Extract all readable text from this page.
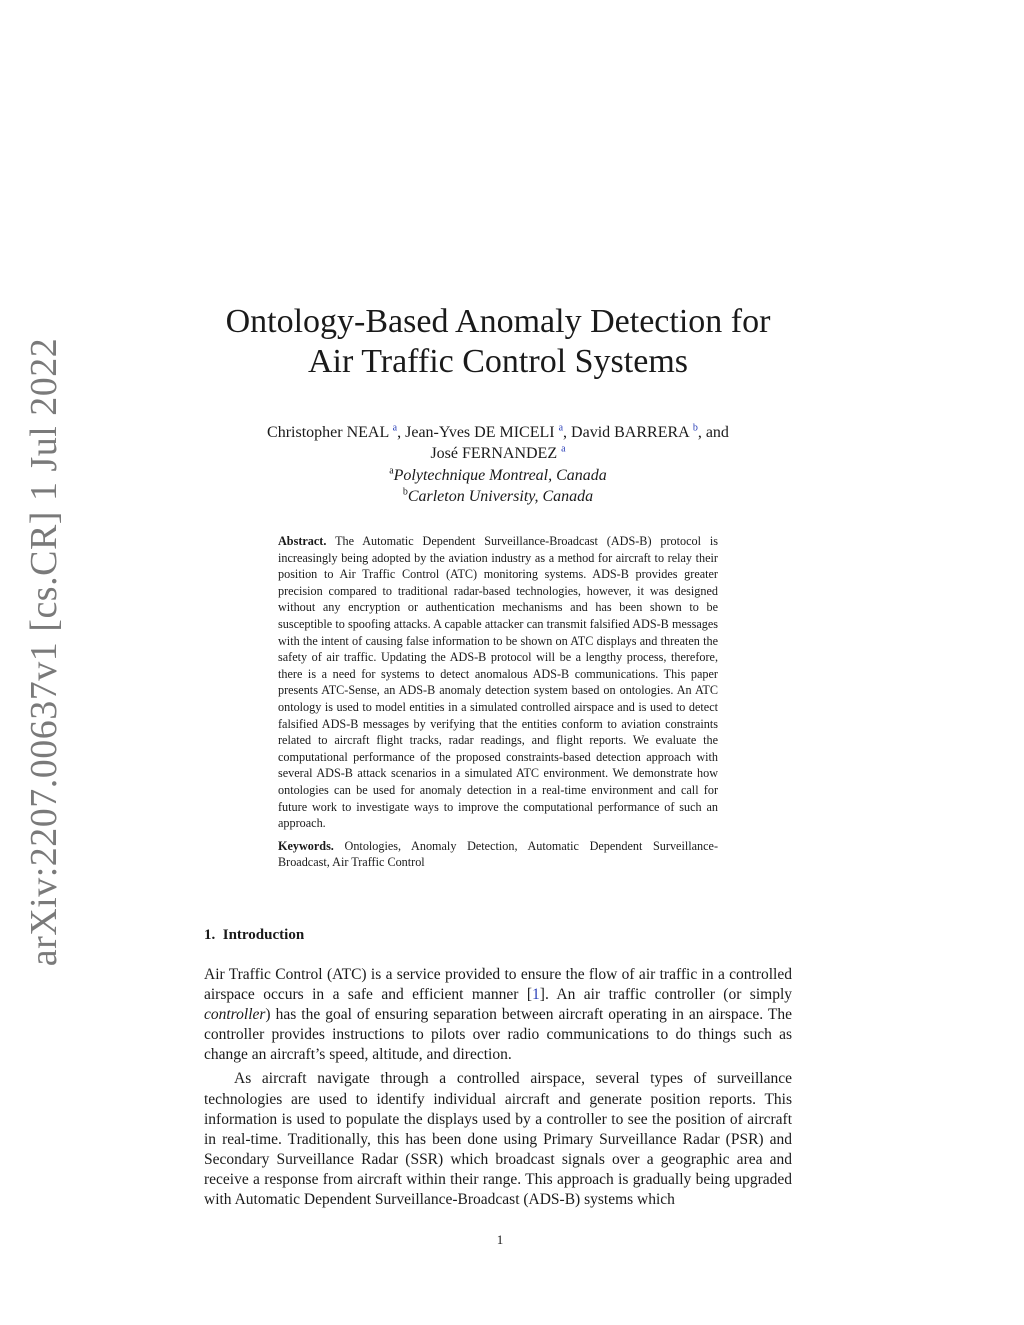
arXiv:2207.00637v1 [cs.CR] 1 Jul 2022
Ontology-Based Anomaly Detection for
Air Traffic Control Systems
Christopher NEAL $^a$, Jean-Yves DE MICELI $^a$, David BARRERA $^b$, and
José FERNANDEZ $^a$
$^a$Polytechnique Montreal, Canada
$^b$Carleton University, Canada

Abstract. The Automatic Dependent Surveillance-Broadcast (ADS-B) protocol is increasingly being adopted by the aviation industry as a method for aircraft to relay their position to Air Traffic Control (ATC) monitoring systems. ADS-B provides greater precision compared to traditional radar-based technologies, however, it was designed without any encryption or authentication mechanisms and has been shown to be susceptible to spoofing attacks. A capable attacker can transmit falsified ADS-B messages with the intent of causing false information to be shown on ATC displays and threaten the safety of air traffic. Updating the ADS-B protocol will be a lengthy process, therefore, there is a need for systems to detect anomalous ADS-B communications. This paper presents ATC-Sense, an ADS-B anomaly detection system based on ontologies. An ATC ontology is used to model entities in a simulated controlled airspace and is used to detect falsified ADS-B messages by verifying that the entities conform to aviation constraints related to aircraft flight tracks, radar readings, and flight reports. We evaluate the computational performance of the proposed constraints-based detection approach with several ADS-B attack scenarios in a simulated ATC environment. We demonstrate how ontologies can be used for anomaly detection in a real-time environment and call for future work to investigate ways to improve the computational performance of such an approach.

Keywords. Ontologies, Anomaly Detection, Automatic Dependent Surveillance-Broadcast, Air Traffic Control

1. Introduction

Air Traffic Control (ATC) is a service provided to ensure the flow of air traffic in a controlled airspace occurs in a safe and efficient manner [1]. An air traffic controller (or simply controller) has the goal of ensuring separation between aircraft operating in an airspace. The controller provides instructions to pilots over radio communications to do things such as change an aircraft’s speed, altitude, and direction.

As aircraft navigate through a controlled airspace, several types of surveillance technologies are used to identify individual aircraft and generate position reports. This information is used to populate the displays used by a controller to see the position of aircraft in real-time. Traditionally, this has been done using Primary Surveillance Radar (PSR) and Secondary Surveillance Radar (SSR) which broadcast signals over a geographic area and receive a response from aircraft within their range. This approach is gradually being upgraded with Automatic Dependent Surveillance-Broadcast (ADS-B) systems which

1
